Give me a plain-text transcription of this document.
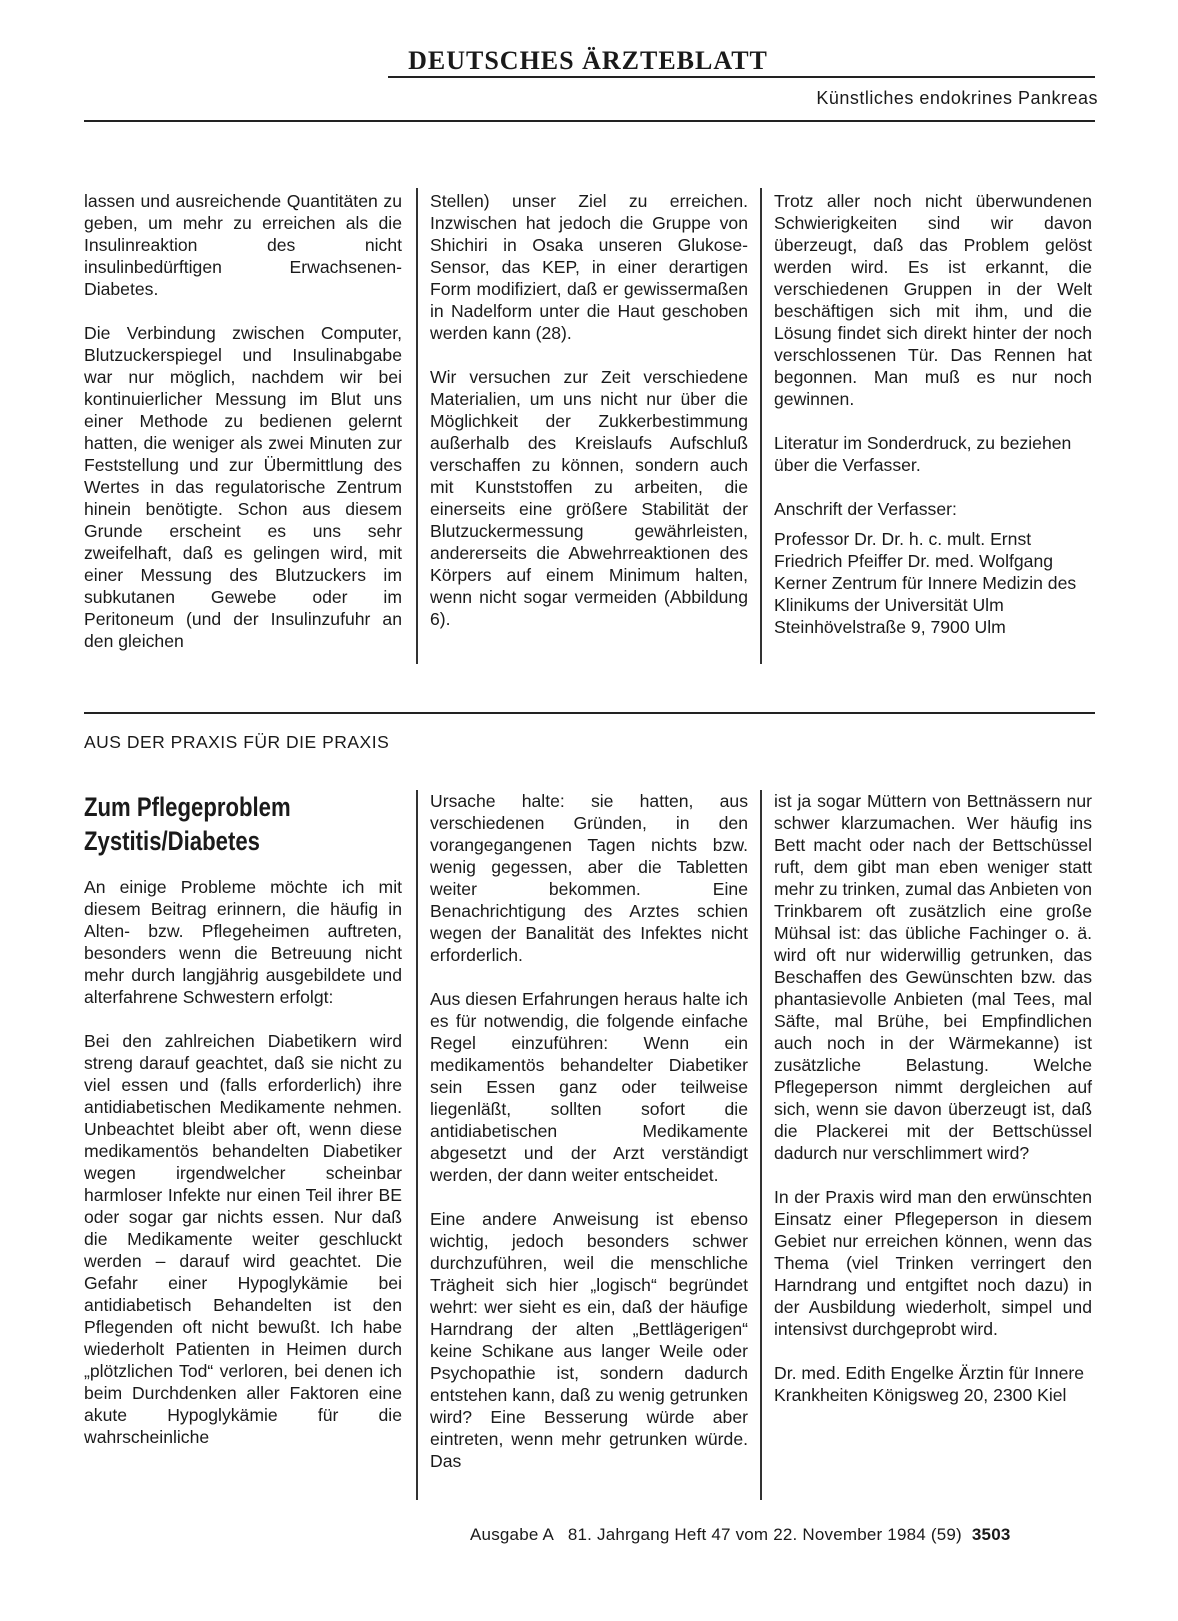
DEUTSCHES ÄRZTEBLATT
Künstliches endokrines Pankreas

lassen und ausreichende Quantitäten zu geben, um mehr zu erreichen als die Insulinreaktion des nicht insulinbedürftigen Erwachsenen-Diabetes.

Die Verbindung zwischen Computer, Blutzuckerspiegel und Insulinabgabe war nur möglich, nachdem wir bei kontinuierlicher Messung im Blut uns einer Methode zu bedienen gelernt hatten, die weniger als zwei Minuten zur Feststellung und zur Übermittlung des Wertes in das regulatorische Zentrum hinein benötigte. Schon aus diesem Grunde erscheint es uns sehr zweifelhaft, daß es gelingen wird, mit einer Messung des Blutzuckers im subkutanen Gewebe oder im Peritoneum (und der Insulinzufuhr an den gleichen

Stellen) unser Ziel zu erreichen. Inzwischen hat jedoch die Gruppe von Shichiri in Osaka unseren Glukose-Sensor, das KEP, in einer derartigen Form modifiziert, daß er gewissermaßen in Nadelform unter die Haut geschoben werden kann (28).

Wir versuchen zur Zeit verschiedene Materialien, um uns nicht nur über die Möglichkeit der Zukkerbestimmung außerhalb des Kreislaufs Aufschluß verschaffen zu können, sondern auch mit Kunststoffen zu arbeiten, die einerseits eine größere Stabilität der Blutzuckermessung gewährleisten, andererseits die Abwehrreaktionen des Körpers auf einem Minimum halten, wenn nicht sogar vermeiden (Abbildung 6).

Trotz aller noch nicht überwundenen Schwierigkeiten sind wir davon überzeugt, daß das Problem gelöst werden wird. Es ist erkannt, die verschiedenen Gruppen in der Welt beschäftigen sich mit ihm, und die Lösung findet sich direkt hinter der noch verschlossenen Tür. Das Rennen hat begonnen. Man muß es nur noch gewinnen.

Literatur im Sonderdruck, zu beziehen über die Verfasser.

Anschrift der Verfasser:

Professor Dr. Dr. h. c. mult. Ernst Friedrich Pfeiffer Dr. med. Wolfgang Kerner Zentrum für Innere Medizin des Klinikums der Universität Ulm Steinhövelstraße 9, 7900 Ulm

AUS DER PRAXIS FÜR DIE PRAXIS
Zum Pflegeproblem Zystitis/Diabetes

An einige Probleme möchte ich mit diesem Beitrag erinnern, die häufig in Alten- bzw. Pflegeheimen auftreten, besonders wenn die Betreuung nicht mehr durch langjährig ausgebildete und alterfahrene Schwestern erfolgt:

Bei den zahlreichen Diabetikern wird streng darauf geachtet, daß sie nicht zu viel essen und (falls erforderlich) ihre antidiabetischen Medikamente nehmen. Unbeachtet bleibt aber oft, wenn diese medikamentös behandelten Diabetiker wegen irgendwelcher scheinbar harmloser Infekte nur einen Teil ihrer BE oder sogar gar nichts essen. Nur daß die Medikamente weiter geschluckt werden – darauf wird geachtet. Die Gefahr einer Hypoglykämie bei antidiabetisch Behandelten ist den Pflegenden oft nicht bewußt. Ich habe wiederholt Patienten in Heimen durch „plötzlichen Tod“ verloren, bei denen ich beim Durchdenken aller Faktoren eine akute Hypoglykämie für die wahrscheinliche

Ursache halte: sie hatten, aus verschiedenen Gründen, in den vorangegangenen Tagen nichts bzw. wenig gegessen, aber die Tabletten weiter bekommen. Eine Benachrichtigung des Arztes schien wegen der Banalität des Infektes nicht erforderlich.

Aus diesen Erfahrungen heraus halte ich es für notwendig, die folgende einfache Regel einzuführen: Wenn ein medikamentös behandelter Diabetiker sein Essen ganz oder teilweise liegenläßt, sollten sofort die antidiabetischen Medikamente abgesetzt und der Arzt verständigt werden, der dann weiter entscheidet.

Eine andere Anweisung ist ebenso wichtig, jedoch besonders schwer durchzuführen, weil die menschliche Trägheit sich hier „logisch“ begründet wehrt: wer sieht es ein, daß der häufige Harndrang der alten „Bettlägerigen“ keine Schikane aus langer Weile oder Psychopathie ist, sondern dadurch entstehen kann, daß zu wenig getrunken wird? Eine Besserung würde aber eintreten, wenn mehr getrunken würde. Das

ist ja sogar Müttern von Bettnässern nur schwer klarzumachen. Wer häufig ins Bett macht oder nach der Bettschüssel ruft, dem gibt man eben weniger statt mehr zu trinken, zumal das Anbieten von Trinkbarem oft zusätzlich eine große Mühsal ist: das übliche Fachinger o. ä. wird oft nur widerwillig getrunken, das Beschaffen des Gewünschten bzw. das phantasievolle Anbieten (mal Tees, mal Säfte, mal Brühe, bei Empfindlichen auch noch in der Wärmekanne) ist zusätzliche Belastung. Welche Pflegeperson nimmt dergleichen auf sich, wenn sie davon überzeugt ist, daß die Plackerei mit der Bettschüssel dadurch nur verschlimmert wird?

In der Praxis wird man den erwünschten Einsatz einer Pflegeperson in diesem Gebiet nur erreichen können, wenn das Thema (viel Trinken verringert den Harndrang und entgiftet noch dazu) in der Ausbildung wiederholt, simpel und intensivst durchgeprobt wird.

Dr. med. Edith Engelke Ärztin für Innere Krankheiten Königsweg 20, 2300 Kiel

Ausgabe A   81. Jahrgang Heft 47 vom 22. November 1984 (59) 3503
